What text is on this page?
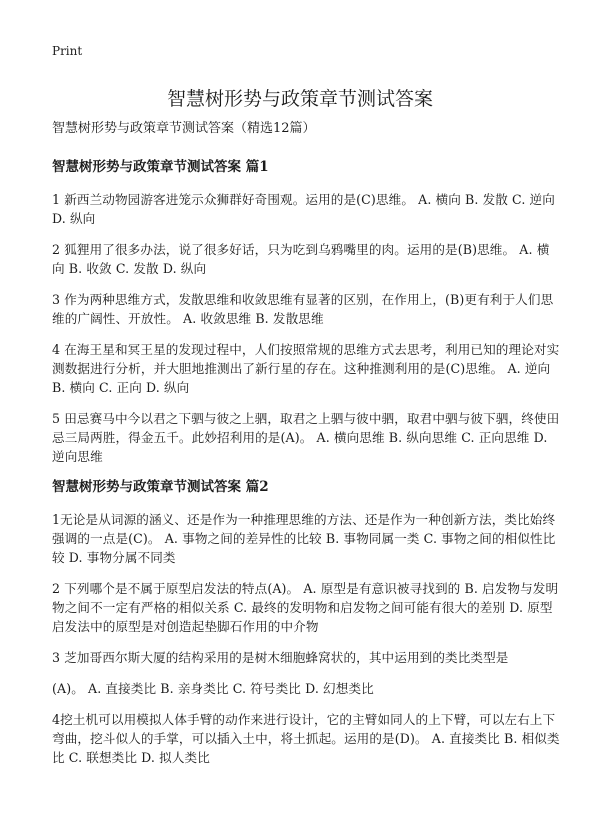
Print
智慧树形势与政策章节测试答案
智慧树形势与政策章节测试答案（精选12篇）
智慧树形势与政策章节测试答案 篇1

1 新西兰动物园游客进笼示众狮群好奇围观。运用的是(C)思维。 A. 横向 B. 发散 C. 逆向 D. 纵向

2 狐狸用了很多办法，说了很多好话，只为吃到乌鸦嘴里的肉。运用的是(B)思维。 A. 横向 B. 收敛 C. 发散 D. 纵向

3 作为两种思维方式，发散思维和收敛思维有显著的区别，在作用上，(B)更有利于人们思维的广阔性、开放性。 A. 收敛思维 B. 发散思维

4 在海王星和冥王星的发现过程中，人们按照常规的思维方式去思考，利用已知的理论对实测数据进行分析，并大胆地推测出了新行星的存在。这种推测利用的是(C)思维。 A. 逆向 B. 横向 C. 正向 D. 纵向

5 田忌赛马中今以君之下驷与彼之上驷，取君之上驷与彼中驷，取君中驷与彼下驷，终使田忌三局两胜，得金五千。此妙招利用的是(A)。 A. 横向思维 B. 纵向思维 C. 正向思维 D. 逆向思维

智慧树形势与政策章节测试答案 篇2

1无论是从词源的涵义、还是作为一种推理思维的方法、还是作为一种创新方法，类比始终强调的一点是(C)。 A. 事物之间的差异性的比较 B. 事物同属一类 C. 事物之间的相似性比较 D. 事物分属不同类

2 下列哪个是不属于原型启发法的特点(A)。 A. 原型是有意识被寻找到的 B. 启发物与发明物之间不一定有严格的相似关系 C. 最终的发明物和启发物之间可能有很大的差别 D. 原型启发法中的原型是对创造起垫脚石作用的中介物

3 芝加哥西尔斯大厦的结构采用的是树木细胞蜂窝状的，其中运用到的类比类型是

(A)。 A. 直接类比 B. 亲身类比 C. 符号类比 D. 幻想类比

4挖土机可以用模拟人体手臂的动作来进行设计，它的主臂如同人的上下臂，可以左右上下弯曲，挖斗似人的手掌，可以插入土中，将土抓起。运用的是(D)。 A. 直接类比 B. 相似类比 C. 联想类比 D. 拟人类比
